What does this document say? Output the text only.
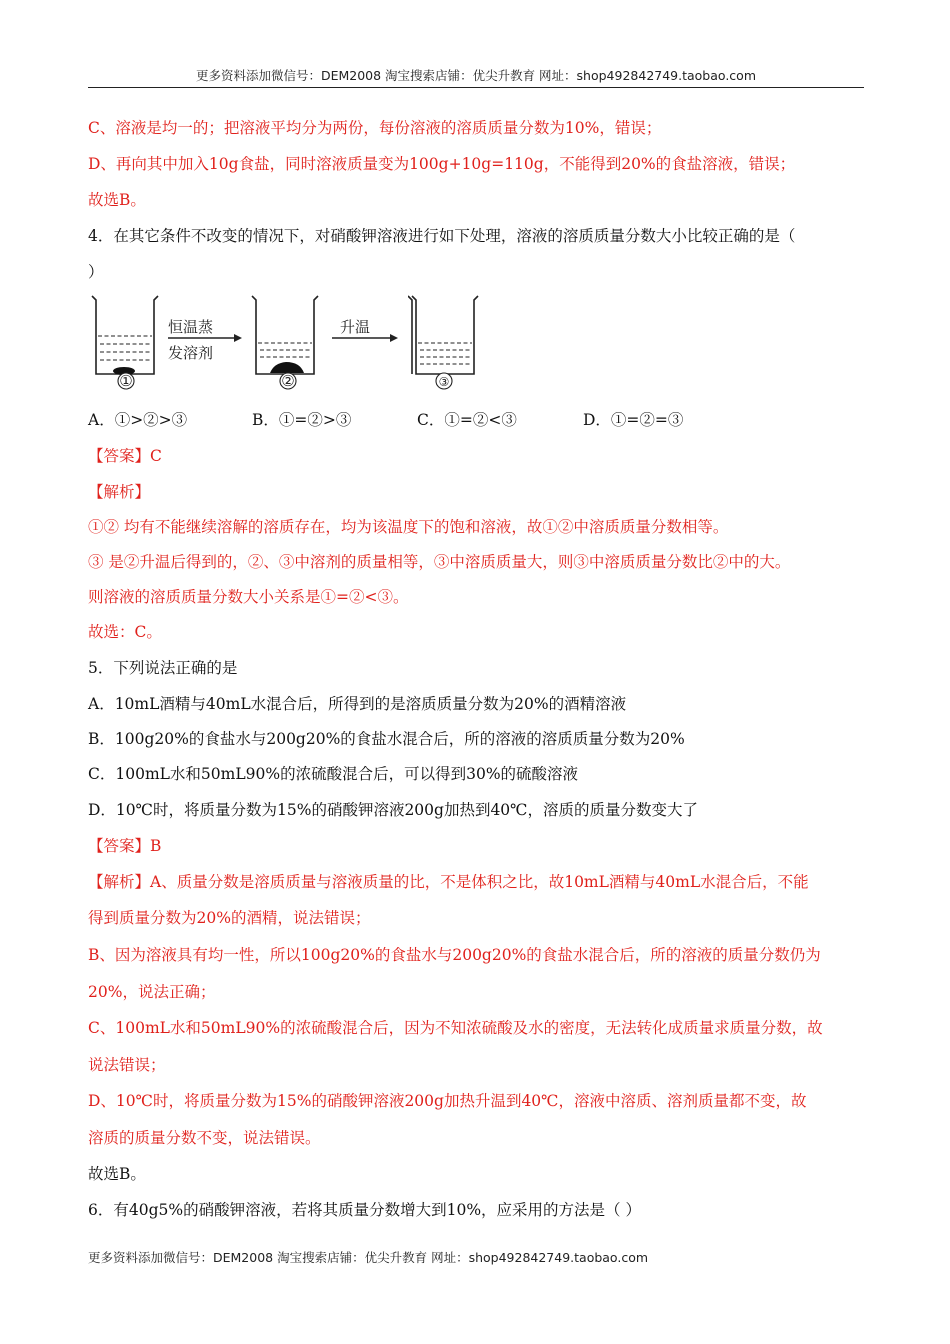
更多资料添加微信号：DEM2008 淘宝搜索店铺：优尖升教育 网址：shop492842749.taobao.com
C、溶液是均一的；把溶液平均分为两份，每份溶液的溶质质量分数为10%，错误；
D、再向其中加入10g食盐，同时溶液质量变为100g+10g=110g，不能得到20%的食盐溶液，错误；
故选B。
4．在其它条件不改变的情况下，对硝酸钾溶液进行如下处理，溶液的溶质质量分数大小比较正确的是（
）
①
恒温蒸
发溶剂
②
升温
③
A．①>②>③	B．①=②>③	C．①=②<③	D．①=②=③
【答案】C
【解析】
①② 均有不能继续溶解的溶质存在，均为该温度下的饱和溶液，故①②中溶质质量分数相等。
③ 是②升温后得到的，②、③中溶剂的质量相等，③中溶质质量大，则③中溶质质量分数比②中的大。
则溶液的溶质质量分数大小关系是①=②<③。
故选：C。
5．下列说法正确的是
A．10mL酒精与40mL水混合后，所得到的是溶质质量分数为20%的酒精溶液
B．100g20%的食盐水与200g20%的食盐水混合后，所的溶液的溶质质量分数为20%
C．100mL水和50mL90%的浓硫酸混合后，可以得到30%的硫酸溶液
D．10℃时，将质量分数为15%的硝酸钾溶液200g加热到40℃，溶质的质量分数变大了
【答案】B
【解析】A、质量分数是溶质质量与溶液质量的比，不是体积之比，故10mL酒精与40mL水混合后，不能
得到质量分数为20%的酒精，说法错误；
B、因为溶液具有均一性，所以100g20%的食盐水与200g20%的食盐水混合后，所的溶液的质量分数仍为
20%，说法正确；
C、100mL水和50mL90%的浓硫酸混合后，因为不知浓硫酸及水的密度，无法转化成质量求质量分数，故
说法错误；
D、10℃时，将质量分数为15%的硝酸钾溶液200g加热升温到40℃，溶液中溶质、溶剂质量都不变，故
溶质的质量分数不变，说法错误。
故选B。
6．有40g5%的硝酸钾溶液，若将其质量分数增大到10%，应采用的方法是（ ）
更多资料添加微信号：DEM2008 淘宝搜索店铺：优尖升教育 网址：shop492842749.taobao.com
